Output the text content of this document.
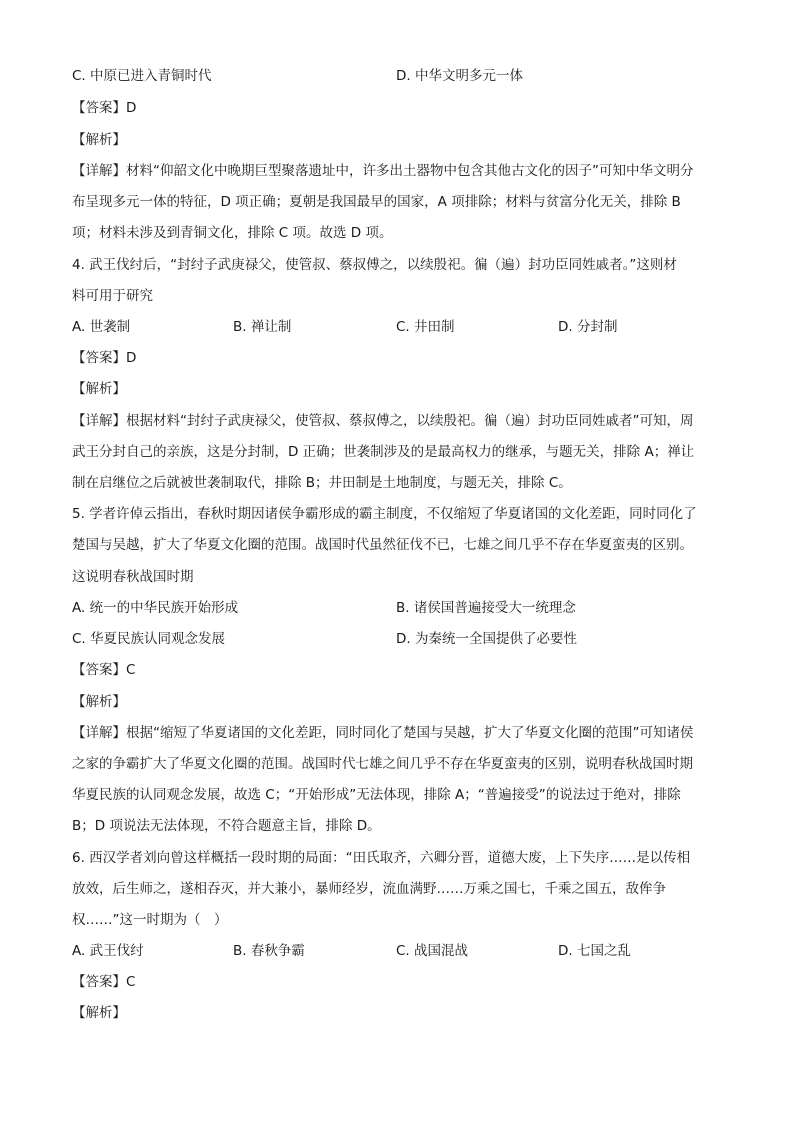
C. 中原已进入青铜时代	D. 中华文明多元一体
【答案】D
【解析】
【详解】材料“仰韶文化中晚期巨型聚落遗址中，许多出土器物中包含其他古文化的因子”可知中华文明分
布呈现多元一体的特征，D 项正确；夏朝是我国最早的国家，A 项排除；材料与贫富分化无关，排除 B
项；材料未涉及到青铜文化，排除 C 项。故选 D 项。
4. 武王伐纣后，“封纣子武庚禄父，使管叔、蔡叔傅之，以续殷祀。徧（遍）封功臣同姓戚者。”这则材
料可用于研究
A. 世袭制	B. 禅让制	C. 井田制	D. 分封制
【答案】D
【解析】
【详解】根据材料“封纣子武庚禄父，使管叔、蔡叔傅之，以续殷祀。徧（遍）封功臣同姓戚者”可知，周
武王分封自己的亲族，这是分封制，D 正确；世袭制涉及的是最高权力的继承，与题无关，排除 A；禅让
制在启继位之后就被世袭制取代，排除 B；井田制是土地制度，与题无关，排除 C。
5. 学者许倬云指出，春秋时期因诸侯争霸形成的霸主制度，不仅缩短了华夏诸国的文化差距，同时同化了
楚国与吴越，扩大了华夏文化圈的范围。战国时代虽然征伐不已，七雄之间几乎不存在华夏蛮夷的区别。
这说明春秋战国时期
A. 统一的中华民族开始形成	B. 诸侯国普遍接受大一统理念
C. 华夏民族认同观念发展	D. 为秦统一全国提供了必要性
【答案】C
【解析】
【详解】根据“缩短了华夏诸国的文化差距，同时同化了楚国与吴越，扩大了华夏文化圈的范围”可知诸侯
之家的争霸扩大了华夏文化圈的范围。战国时代七雄之间几乎不存在华夏蛮夷的区别，说明春秋战国时期
华夏民族的认同观念发展，故选 C；“开始形成”无法体现，排除 A；“普遍接受”的说法过于绝对，排除
B；D 项说法无法体现，不符合题意主旨，排除 D。
6. 西汉学者刘向曾这样概括一段时期的局面：“田氏取齐，六卿分晋，道德大废，上下失序……是以传相
放效，后生师之，遂相吞灭，并大兼小，暴师经岁，流血满野……万乘之国七，千乘之国五，敌侔争
权……”这一时期为（　）
A. 武王伐纣	B. 春秋争霸	C. 战国混战	D. 七国之乱
【答案】C
【解析】
